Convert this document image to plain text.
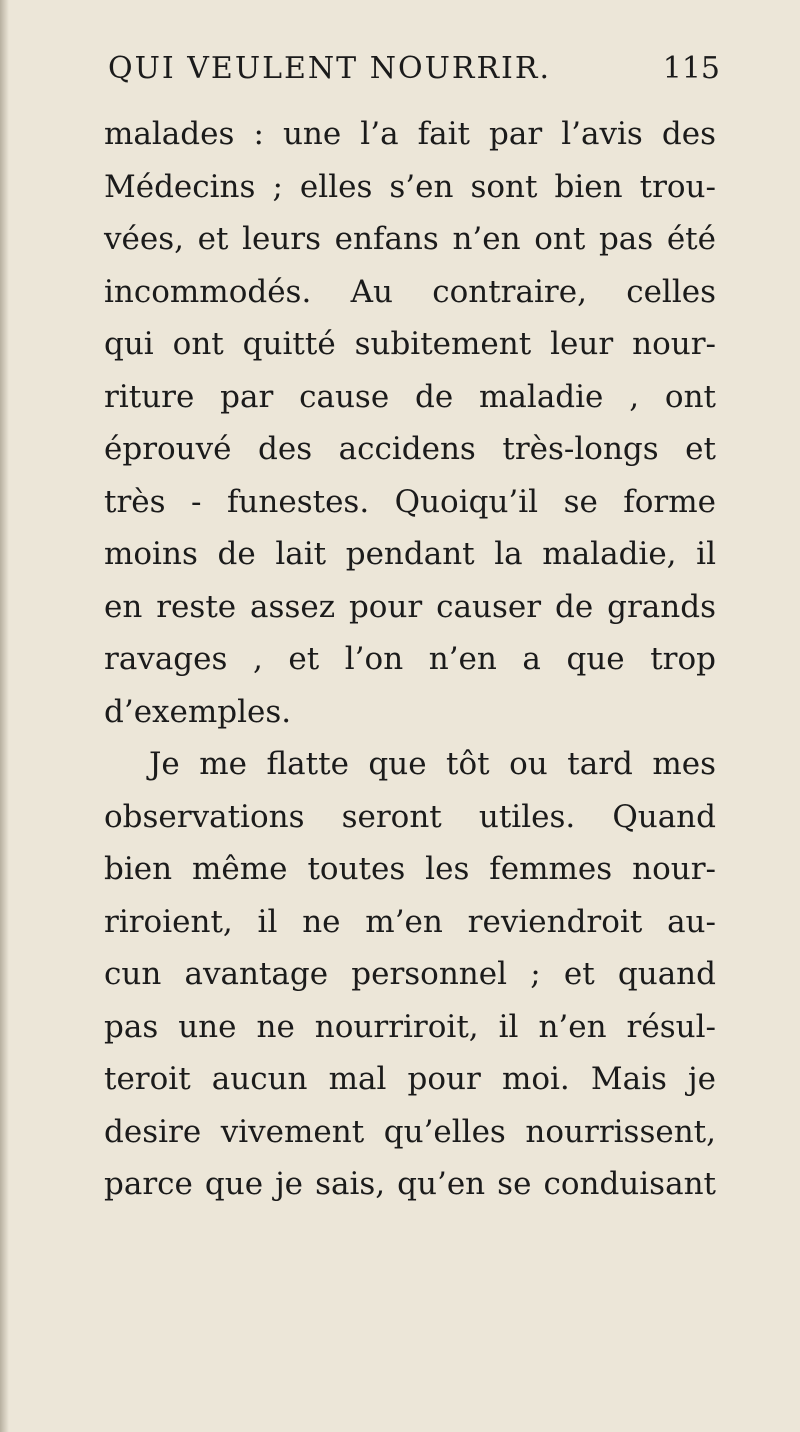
QUI VEULENT NOURRIR.	115
malades : une l’a fait par l’avis des
Médecins ; elles s’en sont bien trou-
vées, et leurs enfans n’en ont pas été
incommodés. Au contraire, celles
qui ont quitté subitement leur nour-
riture par cause de maladie , ont
éprouvé des accidens très-longs et
très - funestes. Quoiqu’il se forme
moins de lait pendant la maladie, il
en reste assez pour causer de grands
ravages , et l’on n’en a que trop
d’exemples.
Je me flatte que tôt ou tard mes
observations seront utiles. Quand
bien même toutes les femmes nour-
riroient, il ne m’en reviendroit au-
cun avantage personnel ; et quand
pas une ne nourriroit, il n’en résul-
teroit aucun mal pour moi. Mais je
desire vivement qu’elles nourrissent,
parce que je sais, qu’en se conduisant
